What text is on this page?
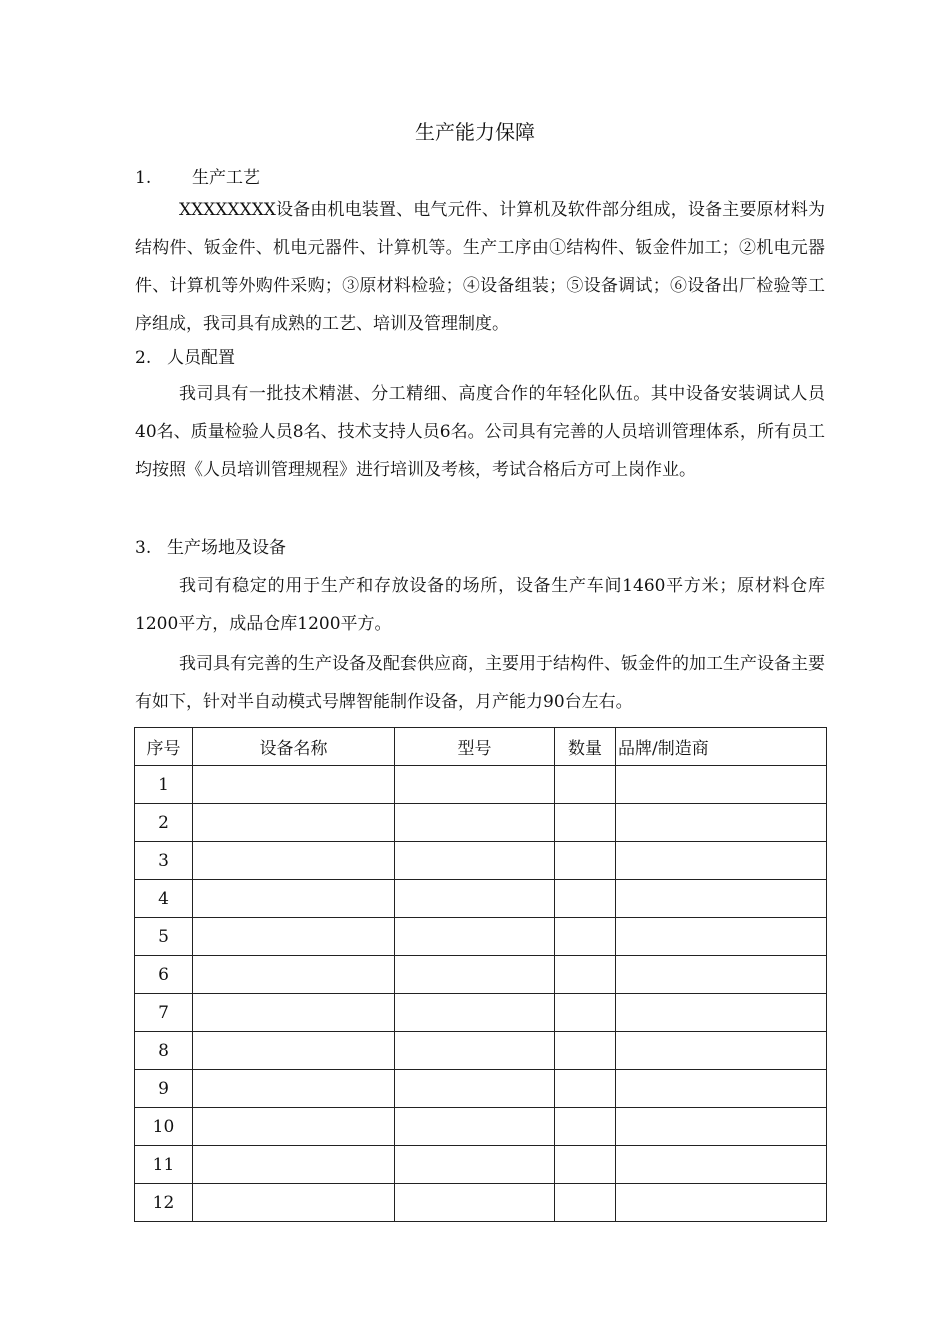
生产能力保障
1. 生产工艺

XXXXXXXX设备由机电装置、电气元件、计算机及软件部分组成，设备主要原材料为结构件、钣金件、机电元器件、计算机等。生产工序由①结构件、钣金件加工；②机电元器件、计算机等外购件采购；③原材料检验；④设备组装；⑤设备调试；⑥设备出厂检验等工序组成，我司具有成熟的工艺、培训及管理制度。

2. 人员配置

我司具有一批技术精湛、分工精细、高度合作的年轻化队伍。其中设备安装调试人员40名、质量检验人员8名、技术支持人员6名。公司具有完善的人员培训管理体系，所有员工均按照《人员培训管理规程》进行培训及考核，考试合格后方可上岗作业。

3. 生产场地及设备

我司有稳定的用于生产和存放设备的场所，设备生产车间1460平方米；原材料仓库1200平方，成品仓库1200平方。

我司具有完善的生产设备及配套供应商，主要用于结构件、钣金件的加工生产设备主要有如下，针对半自动模式号牌智能制作设备，月产能力90台左右。

序号	设备名称	型号	数量	品牌/制造商
1				
2				
3				
4				
5				
6				
7				
8				
9				
10				
11				
12				
